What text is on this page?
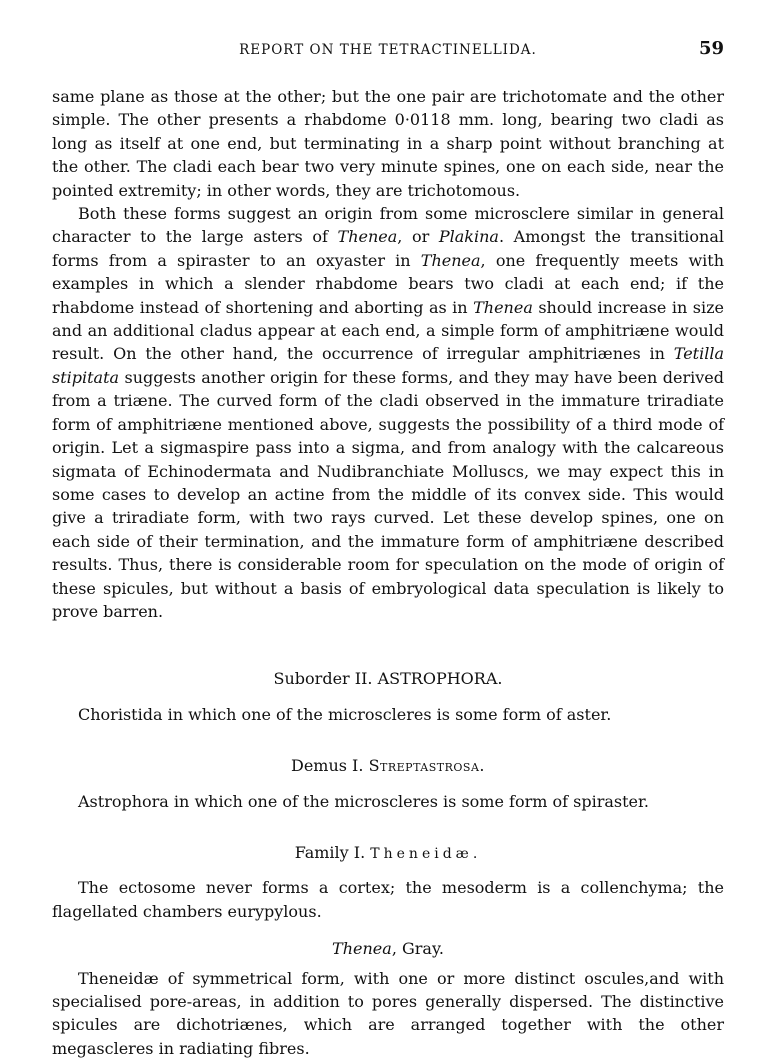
REPORT ON THE TETRACTINELLIDA.	59

same plane as those at the other; but the one pair are trichotomate and the other simple. The other presents a rhabdome 0·0118 mm. long, bearing two cladi as long as itself at one end, but terminating in a sharp point without branching at the other. The cladi each bear two very minute spines, one on each side, near the pointed extremity; in other words, they are trichotomous.

Both these forms suggest an origin from some microsclere similar in general character to the large asters of Thenea, or Plakina. Amongst the transitional forms from a spiraster to an oxyaster in Thenea, one frequently meets with examples in which a slender rhabdome bears two cladi at each end; if the rhabdome instead of shortening and aborting as in Thenea should increase in size and an additional cladus appear at each end, a simple form of amphitriæne would result. On the other hand, the occurrence of irregular amphitriænes in Tetilla stipitata suggests another origin for these forms, and they may have been derived from a triæne. The curved form of the cladi observed in the immature triradiate form of amphitriæne mentioned above, suggests the possibility of a third mode of origin. Let a sigmaspire pass into a sigma, and from analogy with the calcareous sigmata of Echinodermata and Nudibranchiate Molluscs, we may expect this in some cases to develop an actine from the middle of its convex side. This would give a triradiate form, with two rays curved. Let these develop spines, one on each side of their termination, and the immature form of amphitriæne described results. Thus, there is considerable room for speculation on the mode of origin of these spicules, but without a basis of embryological data speculation is likely to prove barren.

Suborder II. ASTROPHORA.

Choristida in which one of the microscleres is some form of aster.

Demus I. Streptastrosa.

Astrophora in which one of the microscleres is some form of spiraster.

Family I. Theneidæ.

The ectosome never forms a cortex; the mesoderm is a collenchyma; the flagellated chambers eurypylous.

Thenea, Gray.

Theneidæ of symmetrical form, with one or more distinct oscules,and with specialised pore-areas, in addition to pores generally dispersed. The distinctive spicules are dichotriænes, which are arranged together with the other megascleres in radiating fibres.
